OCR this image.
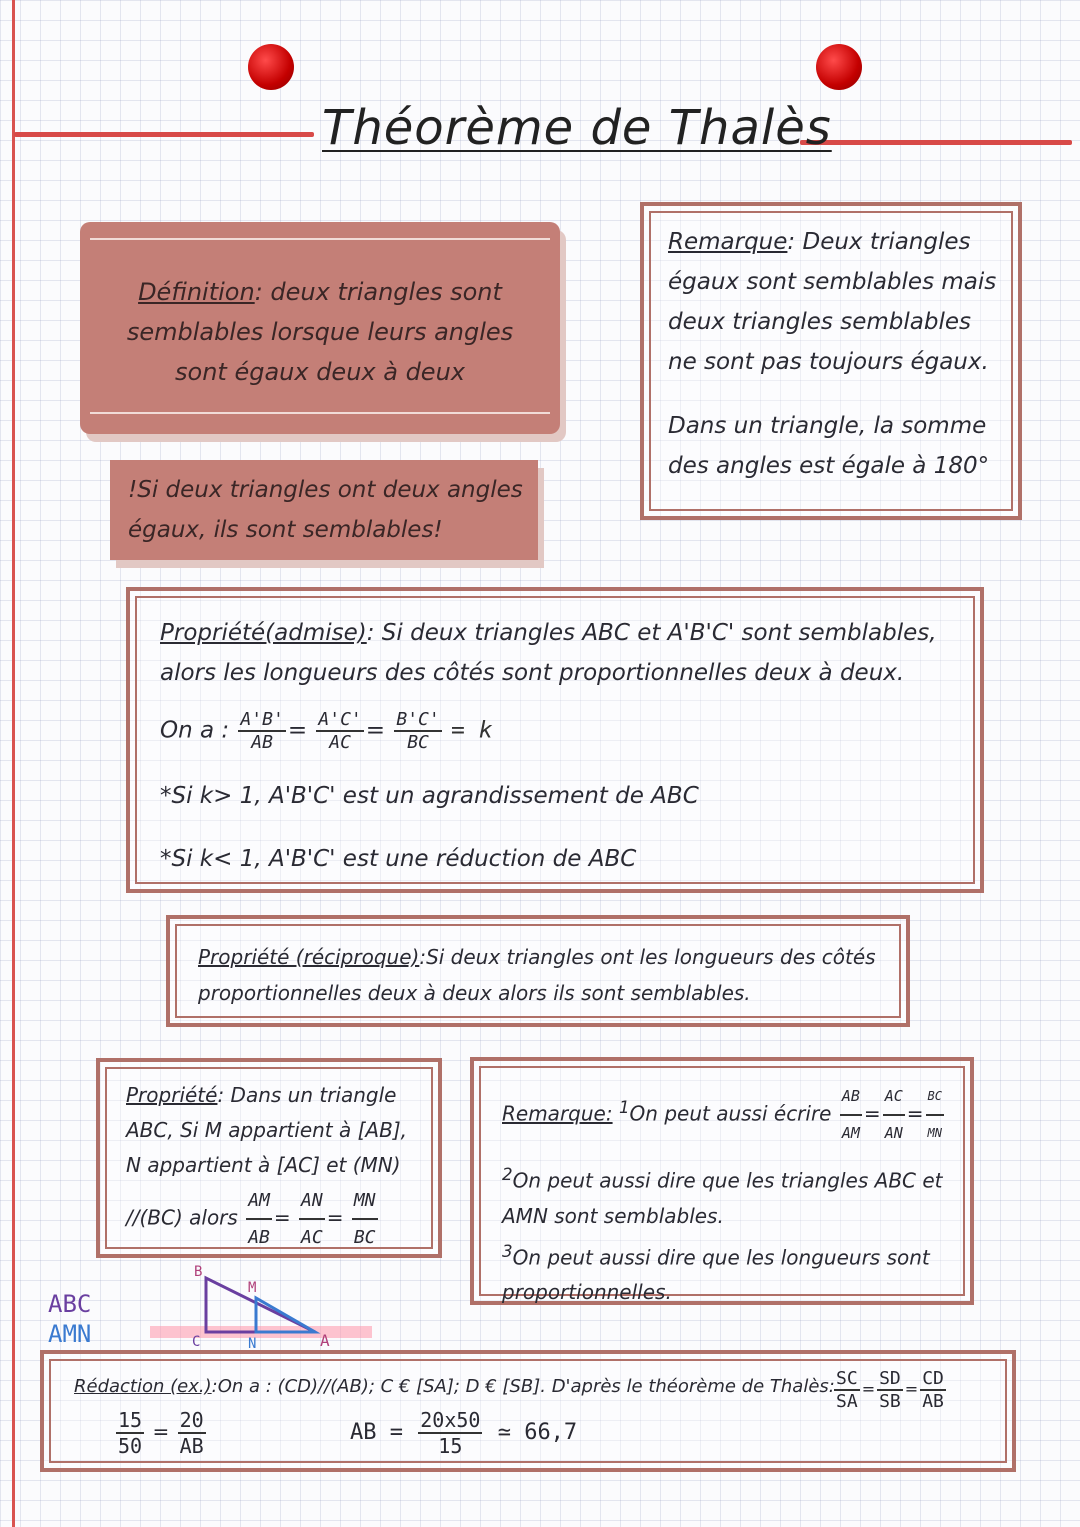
Théorème de Thalès
Définition: deux triangles sont semblables lorsque leurs angles sont égaux deux à deux
!Si deux triangles ont deux angles égaux, ils sont semblables!
Remarque: Deux triangles égaux sont semblables mais deux triangles semblables ne sont pas toujours égaux.
Dans un triangle, la somme des angles est égale à 180°
Propriété(admise): Si deux triangles ABC et A'B'C' sont semblables, alors les longueurs des côtés sont proportionnelles deux à deux.
On a : $\frac{A'B'}{AB} = \frac{A'C'}{AC} = \frac{B'C'}{BC} = k$
*Si k> 1, A'B'C' est un agrandissement de ABC
*Si k< 1, A'B'C' est une réduction de ABC
Propriété (réciproque):Si deux triangles ont les longueurs des côtés proportionnelles deux à deux alors ils sont semblables.
Propriété: Dans un triangle ABC, Si M appartient à [AB], N appartient à [AC] et (MN) //(BC) alors $\frac{AM}{AB} = \frac{AN}{AC} = \frac{MN}{BC}$
Remarque: $^1$On peut aussi écrire $\frac{AB}{AM} = \frac{AC}{AN} = \frac{BC}{MN}$
$^2$On peut aussi dire que les triangles ABC et AMN sont semblables.
$^3$On peut aussi dire que les longueurs sont proportionnelles.
ABC
AMN
B
M
C	N	A
Rédaction (ex.):On a : (CD)//(AB); C € [SA]; D € [SB]. D'après le théorème de Thalès: $\frac{SC}{SA} = \frac{SD}{SB} = \frac{CD}{AB}$
$\frac{15}{50} = \frac{20}{AB}$	AB = $\frac{20x50}{15}$ ≃ 66,7
